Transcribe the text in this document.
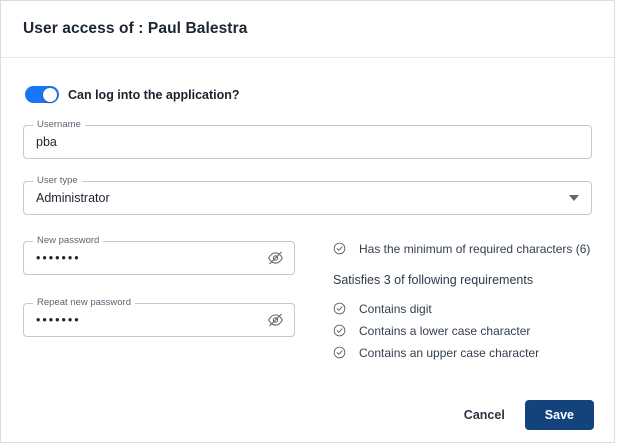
User access of : Paul Balestra
Can log into the application?
Username
pba
User type
Administrator
New password
•••••••
Repeat new password
•••••••
Has the minimum of required characters (6)
Satisfies 3 of following requirements
Contains digit
Contains a lower case character
Contains an upper case character
Cancel	Save
